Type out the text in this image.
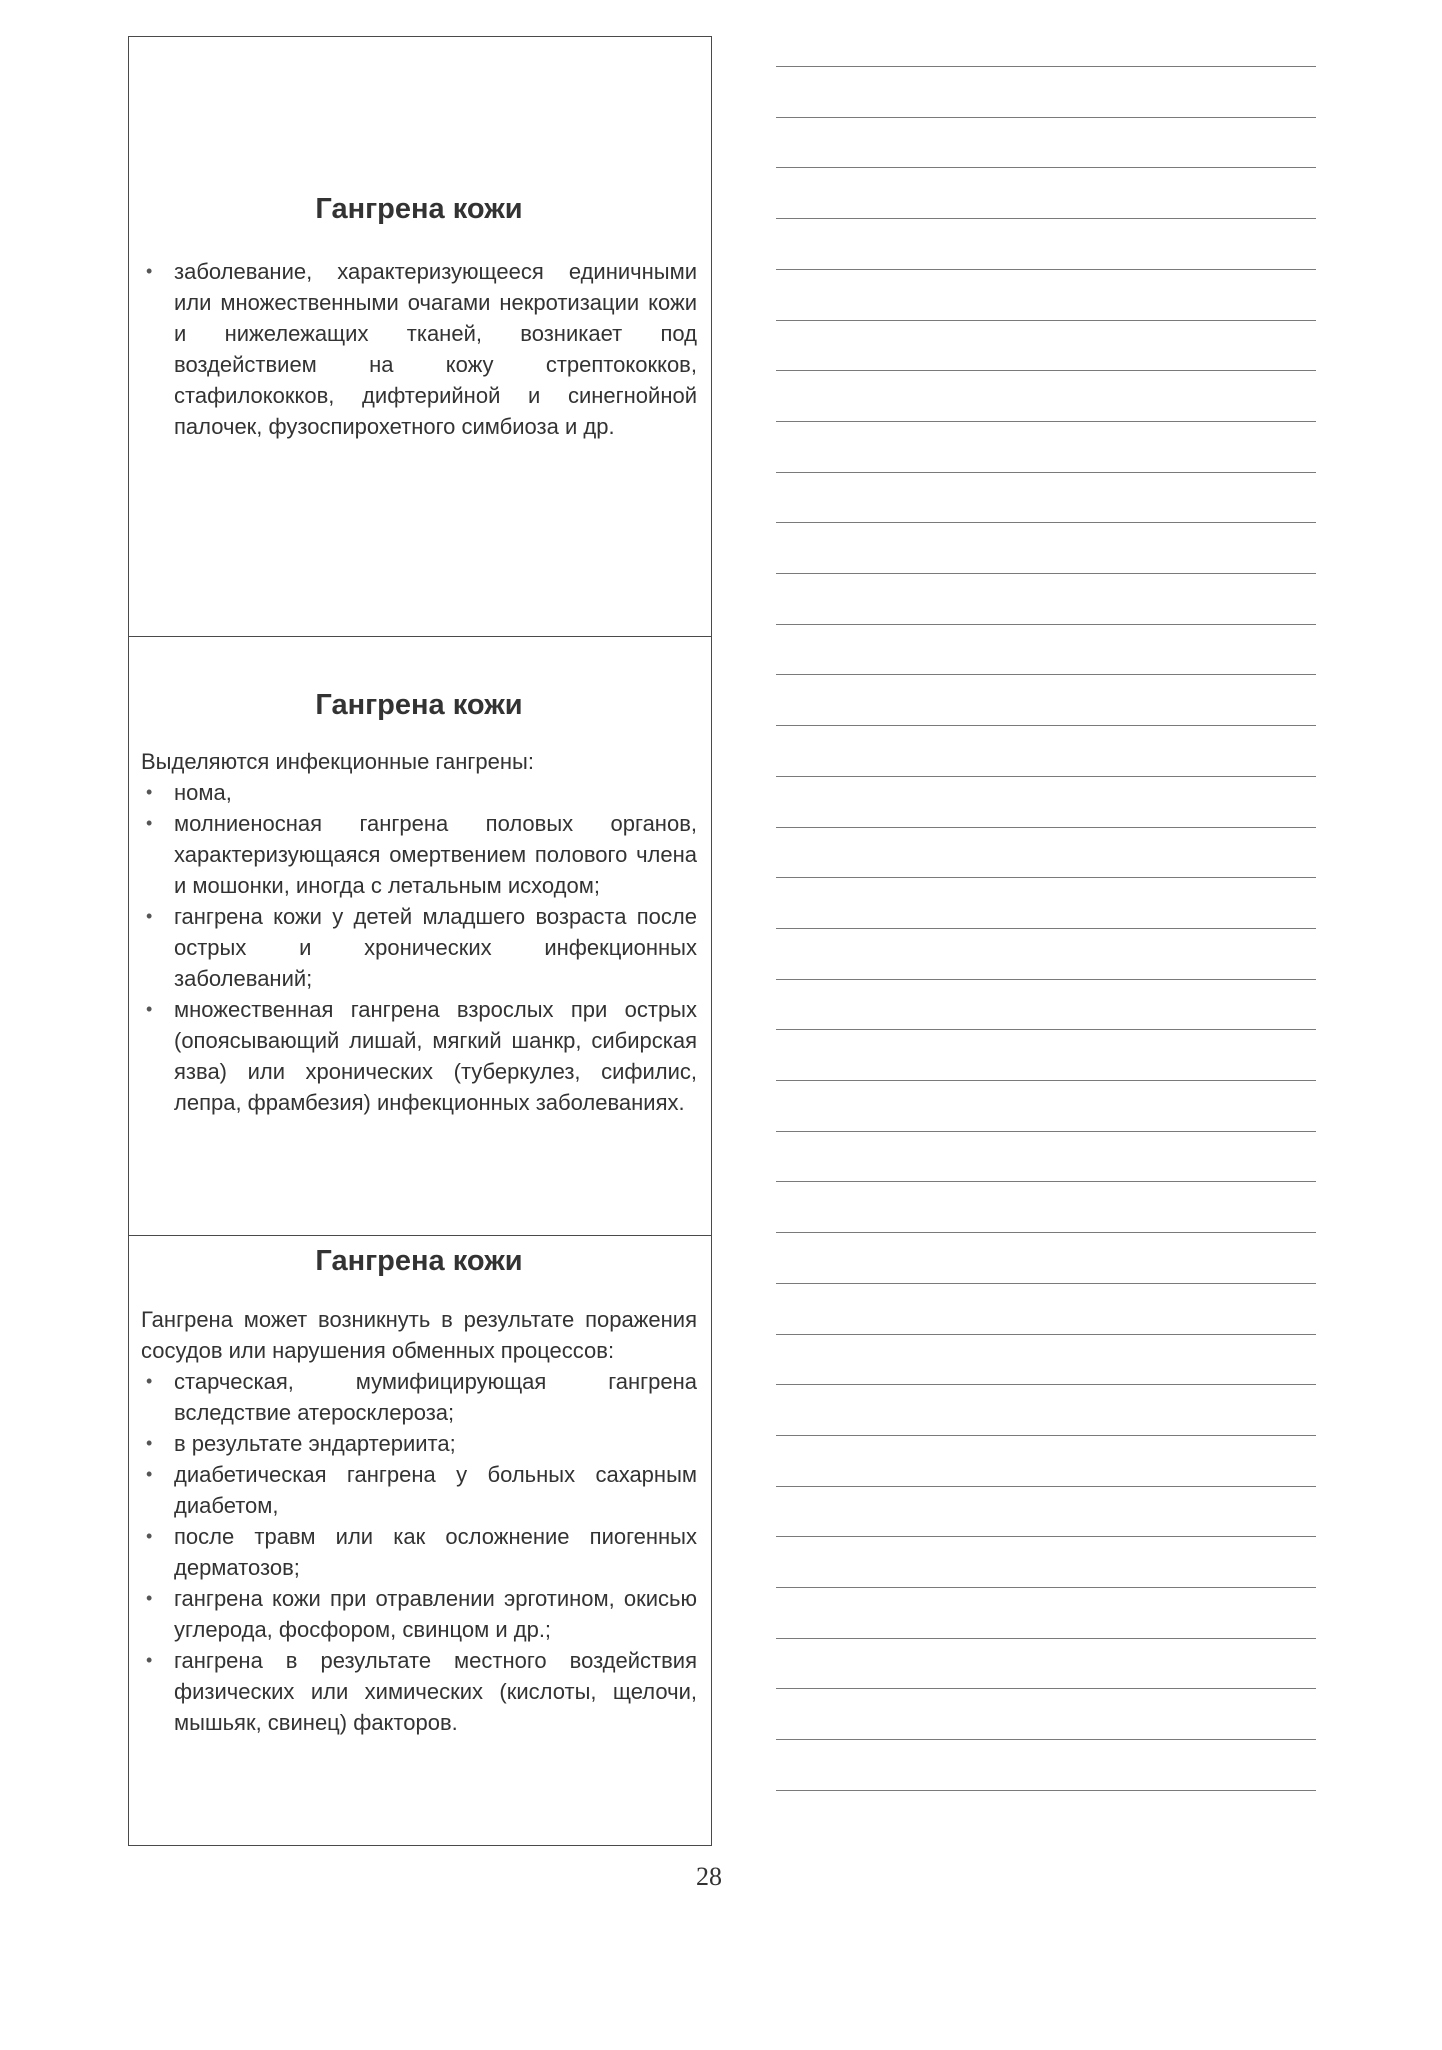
Гангрена кожи
• заболевание, характеризующееся единичными или множественными очагами некротизации кожи и нижележащих тканей, возникает под воздействием на кожу стрептококков, стафилококков, дифтерийной и синегнойной палочек, фузоспирохетного симбиоза и др.
Гангрена кожи

Выделяются инфекционные гангрены:

• нома,
• молниеносная гангрена половых органов, характеризующаяся омертвением полового члена и мошонки, иногда с летальным исходом;
• гангрена кожи у детей младшего возраста после острых и хронических инфекционных заболеваний;
• множественная гангрена взрослых при острых (опоясывающий лишай, мягкий шанкр, сибирская язва) или хронических (туберкулез, сифилис, лепра, фрамбезия) инфекционных заболеваниях.
Гангрена кожи

Гангрена может возникнуть в результате поражения сосудов или нарушения обменных процессов:

• старческая, мумифицирующая гангрена вследствие атеросклероза;
• в результате эндартериита;
• диабетическая гангрена у больных сахарным диабетом,
• после травм или как осложнение пиогенных дерматозов;
• гангрена кожи при отравлении эрготином, окисью углерода, фосфором, свинцом и др.;
• гангрена в результате местного воздействия физических или химических (кислоты, щелочи, мышьяк, свинец) факторов.
28
